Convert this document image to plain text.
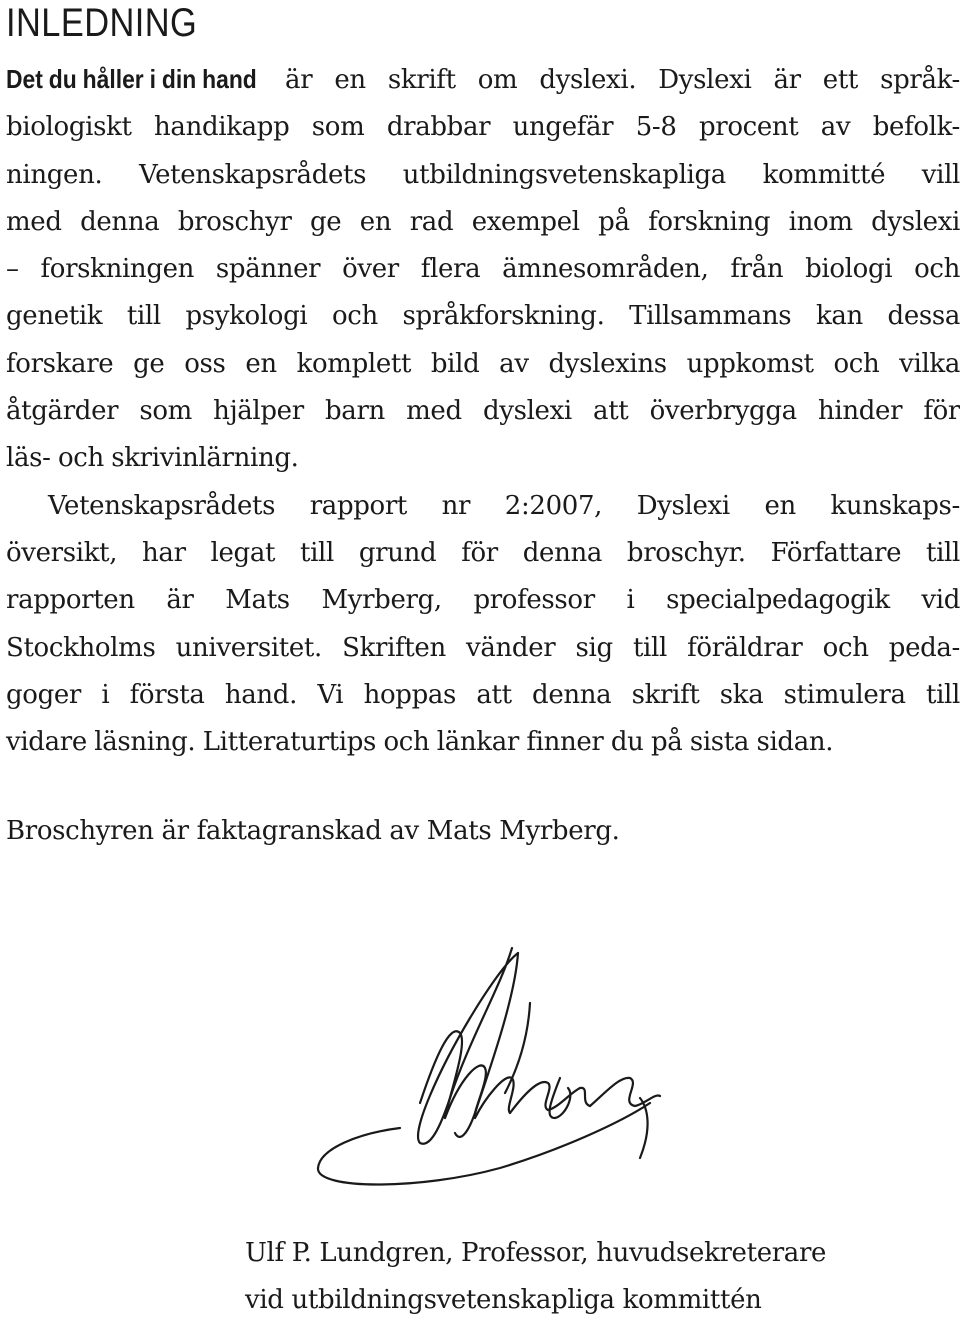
INLEDNING

Det du håller i din hand är en skrift om dyslexi. Dyslexi är ett språk-
biologiskt handikapp som drabbar ungefär 5-8 procent av befolk-
ningen. Vetenskapsrådets utbildningsvetenskapliga kommitté vill
med denna broschyr ge en rad exempel på forskning inom dyslexi
– forskningen spänner över flera ämnesområden, från biologi och
genetik till psykologi och språkforskning. Tillsammans kan dessa
forskare ge oss en komplett bild av dyslexins uppkomst och vilka
åtgärder som hjälper barn med dyslexi att överbrygga hinder för
läs- och skrivinlärning.

Vetenskapsrådets rapport nr 2:2007, Dyslexi en kunskaps-
översikt, har legat till grund för denna broschyr. Författare till
rapporten är Mats Myrberg, professor i specialpedagogik vid
Stockholms universitet. Skriften vänder sig till föräldrar och peda-
goger i första hand. Vi hoppas att denna skrift ska stimulera till
vidare läsning. Litteraturtips och länkar finner du på sista sidan.

Broschyren är faktagranskad av Mats Myrberg.

Ulf P. Lundgren, Professor, huvudsekreterare
vid utbildningsvetenskapliga kommittén
